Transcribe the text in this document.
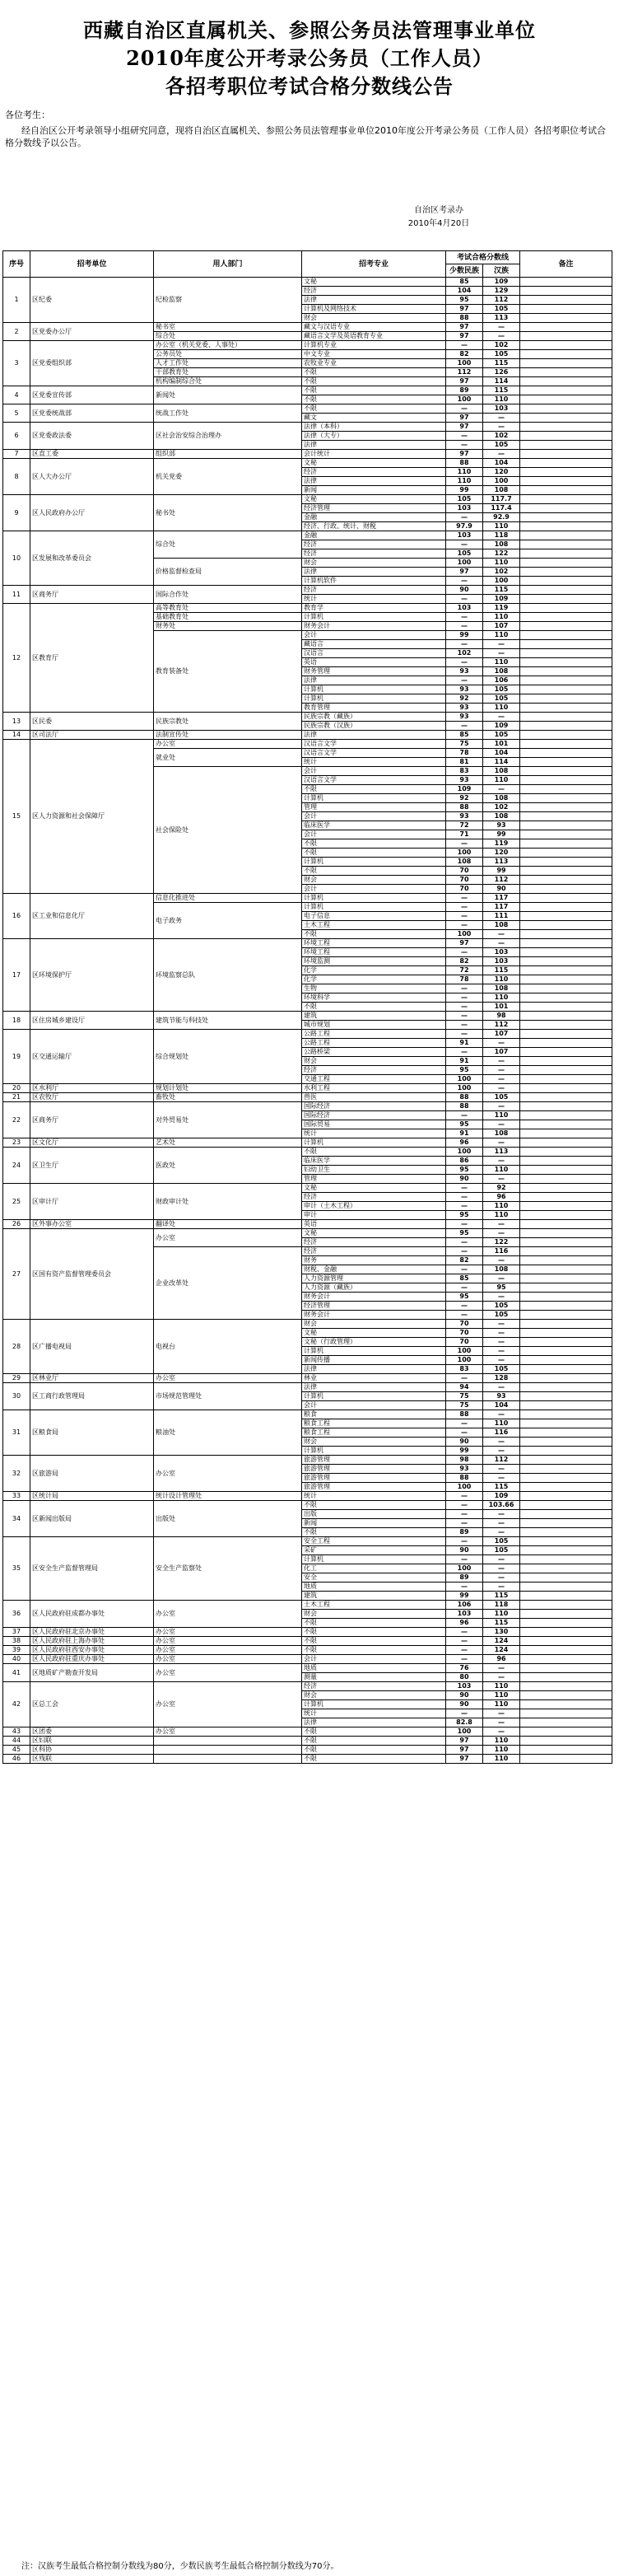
西藏自治区直属机关、参照公务员法管理事业单位
2010年度公开考录公务员（工作人员）
各招考职位考试合格分数线公告

各位考生：

经自治区公开考录领导小组研究同意，现将自治区直属机关、参照公务员法管理事业单位2010年度公开考录公务员（工作人员）各招考职位考试合格分数线予以公告。

自治区考录办
2010年4月20日
序号	招考单位	用人部门	招考专业	考试合格分数线		备注
				少数民族	汉族	
1	区纪委	纪检监察	文秘	85	109	
			经济	104	129	
			法律	95	112	
			计算机及网络技术	97	105	
			财会	88	113	
2	区党委办公厅	秘书室	藏文与汉语专业	97	—	
		综合处	藏语言文学及英语教育专业	97	—	
3	区党委组织部	办公室（机关党委、人事处）	计算机专业	—	102	
		公务员处	中文专业	82	105	
		人才工作处	农牧业专业	100	115	
		干部教育处	不限	112	126	
		机构编制综合处	不限	97	114	
4	区党委宣传部	新闻处	不限	89	115	
			不限	100	110	
5	区党委统战部	统战工作处	不限	—	103	
			藏文	97	—	
6	区党委政法委	区社会治安综合治理办	法律（本科）	97	—	
			法律（大专）	—	102	
			法律	—	105	
7	区直工委	组织部	会计统计	97	—	
8	区人大办公厅	机关党委	文秘	88	104	
			经济	110	120	
			法律	110	100	
			新闻	99	108	
9	区人民政府办公厅	秘书处	文秘	105	117.7	
			经济管理	103	117.4	
			金融	—	92.9	
			经济、行政、统计、财税	97.9	110	
10	区发展和改革委员会	综合处	金融	103	118	
			经济	—	108	
			经济	105	122	
		价格监督检查局	财会	100	110	
			法律	97	102	
			计算机软件	—	100	
11	区商务厅	国际合作处	经济	90	115	
			统计	—	109	
12	区教育厅	高等教育处	教育学	103	119	
		基础教育处	计算机	—	110	
		财务处	财务会计	—	107	
		教育装备处	会计	99	110	
			藏语言	—	—	
			汉语言	102	—	
			英语	—	110	
			财务管理	93	108	
			法律	—	106	
			计算机	93	105	
			计算机	92	105	
			教育管理	93	110	
13	区民委	民族宗教处	民族宗教（藏族）	93	—	
			民族宗教（汉族）	—	109	
14	区司法厅	法制宣传处	法律	85	105	
15	区人力资源和社会保障厅	办公室	汉语言文学	75	101	
		就业处	汉语言文学	78	104	
			统计	81	114	
		社会保险处	会计	83	108	
			汉语言文学	93	110	
			不限	109	—	
			计算机	92	108	
			管理	88	102	
			会计	93	108	
			临床医学	72	93	
			会计	71	99	
			不限	—	119	
			不限	100	120	
			计算机	108	113	
			不限	70	99	
			财会	70	112	
			会计	70	90	
16	区工业和信息化厅	信息化推进处	计算机	—	117	
		电子政务	计算机	—	117	
			电子信息	—	111	
			土木工程	—	108	
			不限	100	—	
17	区环境保护厅	环境监察总队	环境工程	97	—	
			环境工程	—	103	
			环境监测	82	103	
			化学	72	115	
			化学	78	110	
			生物	—	108	
			环境科学	—	110	
			不限	—	101	
18	区住房城乡建设厅	建筑节能与科技处	建筑	—	98	
			城市规划	—	112	
19	区交通运输厅	综合规划处	公路工程	—	107	
			公路工程	91	—	
			公路桥梁	—	107	
			财会	91	—	
			经济	95	—	
			交通工程	100	—	
20	区水利厅	规划计划处	水利工程	100	—	
21	区农牧厅	畜牧处	兽医	88	105	
22	区商务厅	对外贸易处	国际经济	88	—	
			国际经济	—	110	
			国际贸易	95	—	
			统计	91	108	
23	区文化厅	艺术处	计算机	96	—	
24	区卫生厅	医政处	不限	100	113	
			临床医学	86	—	
			妇幼卫生	95	110	
			管理	90	—	
25	区审计厅	财政审计处	文秘	—	92	
			经济	—	96	
			审计（土木工程）	—	110	
			审计	95	110	
26	区外事办公室	翻译处	英语	—	—	
27	区国有资产监督管理委员会	办公室	文秘	95	—	
			经济	—	122	
		企业改革处	经济	—	116	
			财务	82	—	
			财税、金融	—	108	
			人力资源管理	85	—	
			人力资源（藏族）	—	95	
			财务会计	95	—	
			经济管理	—	105	
			财务会计	—	105	
28	区广播电视局	电视台	财会	70	—	
			文秘	70	—	
			文秘（行政管理）	70	—	
			计算机	100	—	
			新闻传播	100	—	
			法律	83	105	
29	区林业厅	办公室	林业	—	128	
30	区工商行政管理局	市场规范管理处	法律	94	—	
			计算机	75	93	
			会计	75	104	
31	区粮食局	粮油处	粮食	88	—	
			粮食工程	—	110	
			粮食工程	—	116	
			财会	90	—	
			计算机	99	—	
32	区旅游局	办公室	旅游管理	98	112	
			旅游管理	93	—	
			旅游管理	88	—	
			旅游管理	100	115	
33	区统计局	统计设计管理处	统计	—	109	
34	区新闻出版局	出版处	不限	—	103.66	
			出版	—	—	
			新闻	—	—	
			不限	89	—	
35	区安全生产监督管理局	安全生产监察处	安全工程	—	105	
			采矿	90	105	
			计算机	—	—	
			化工	100	—	
			安全	89	—	
			地质	—	—	
			建筑	99	115	
36	区人民政府驻成都办事处	办公室	土木工程	106	118	
			财会	103	110	
			不限	96	115	
37	区人民政府驻北京办事处	办公室	不限	—	130	
38	区人民政府驻上海办事处	办公室	不限	—	124	
39	区人民政府驻西安办事处	办公室	不限	—	124	
40	区人民政府驻重庆办事处	办公室	会计	—	96	
41	区地质矿产勘查开发局	办公室	地质	76	—	
			测量	80	—	
42	区总工会	办公室	经济	103	110	
			财会	90	110	
			计算机	90	110	
			统计	—	—	
			法律	82.8	—	
43	区团委	办公室	不限	100	—	
44	区妇联		不限	97	110	
45	区科协		不限	97	110	
46	区残联		不限	97	110	
注：汉族考生最低合格控制分数线为80分，少数民族考生最低合格控制分数线为70分。
